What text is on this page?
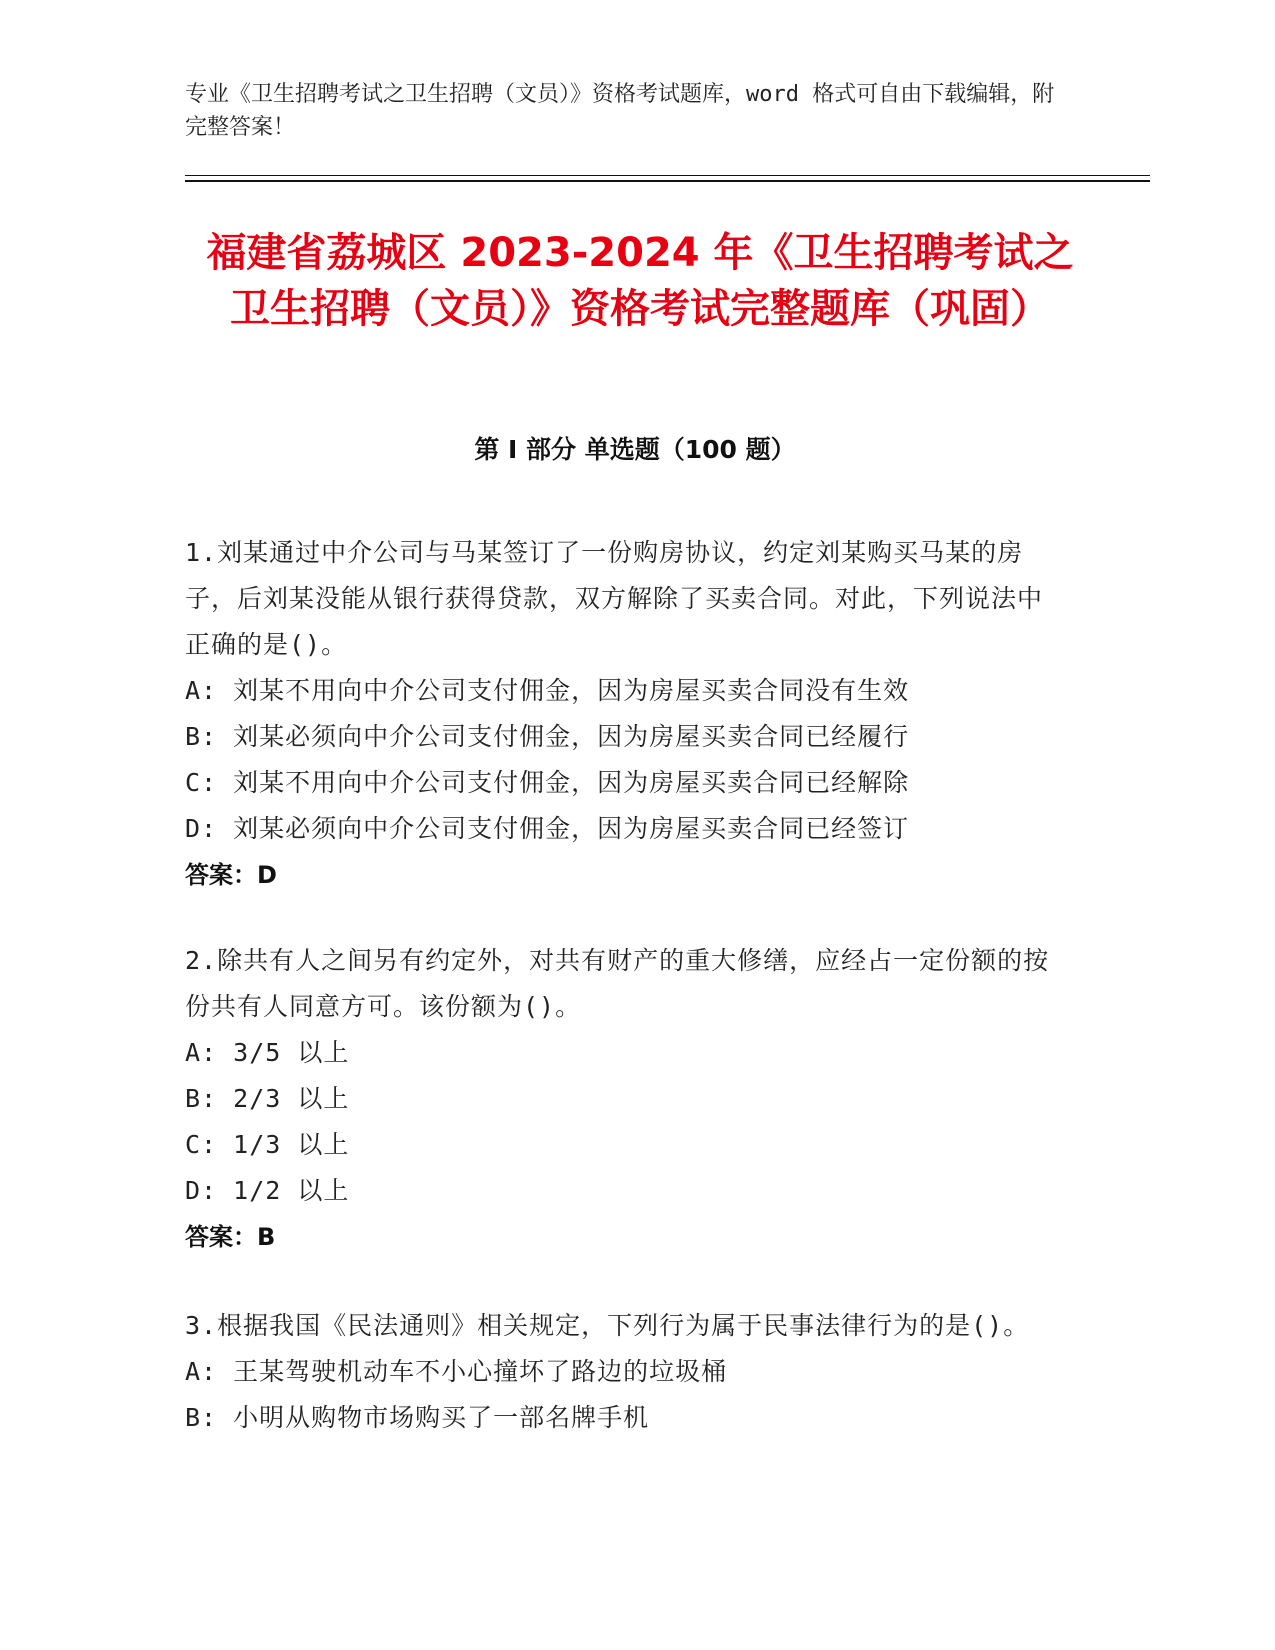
专业《卫生招聘考试之卫生招聘（文员）》资格考试题库，word 格式可自由下载编辑，附完整答案！
福建省荔城区 2023-2024 年《卫生招聘考试之卫生招聘（文员）》资格考试完整题库（巩固）
第 I 部分 单选题（100 题）
1.刘某通过中介公司与马某签订了一份购房协议，约定刘某购买马某的房子，后刘某没能从银行获得贷款，双方解除了买卖合同。对此，下列说法中正确的是()。
A: 刘某不用向中介公司支付佣金，因为房屋买卖合同没有生效
B: 刘某必须向中介公司支付佣金，因为房屋买卖合同已经履行
C: 刘某不用向中介公司支付佣金，因为房屋买卖合同已经解除
D: 刘某必须向中介公司支付佣金，因为房屋买卖合同已经签订
答案：D
2.除共有人之间另有约定外，对共有财产的重大修缮，应经占一定份额的按份共有人同意方可。该份额为()。
A: 3/5 以上
B: 2/3 以上
C: 1/3 以上
D: 1/2 以上
答案：B
3.根据我国《民法通则》相关规定，下列行为属于民事法律行为的是()。
A: 王某驾驶机动车不小心撞坏了路边的垃圾桶
B: 小明从购物市场购买了一部名牌手机
